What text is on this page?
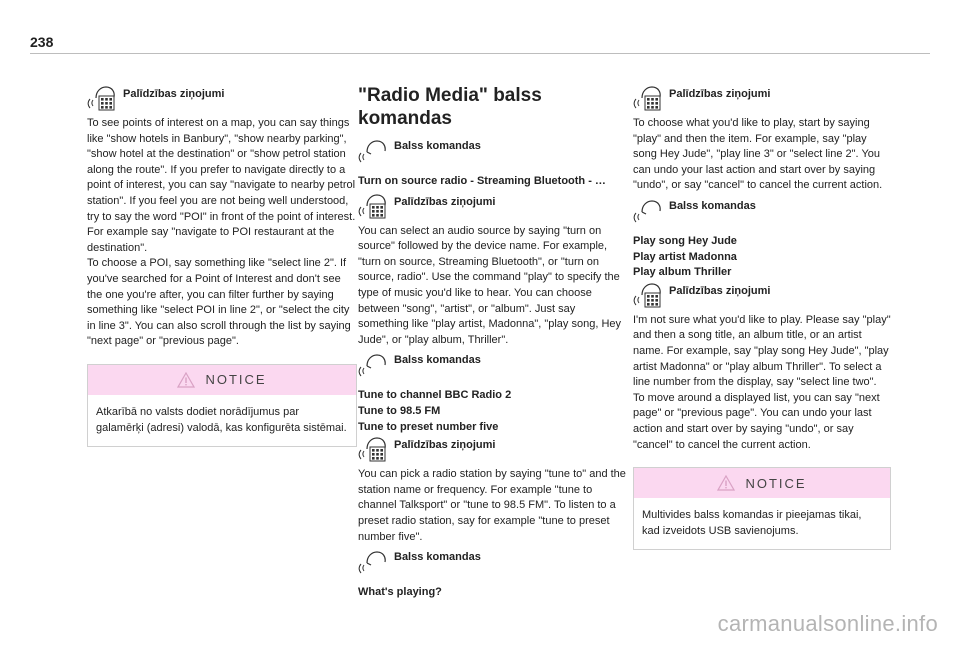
238
Palīdzības ziņojumi

To see points of interest on a map, you can say things like "show hotels in Banbury", "show nearby parking", "show hotel at the destination" or "show petrol station along the route". If you prefer to navigate directly to a point of interest, you can say "navigate to nearby petrol station". If you feel you are not being well understood, try to say the word "POI" in front of the point of interest. For example say "navigate to POI restaurant at the destination".

To choose a POI, say something like "select line 2". If you've searched for a Point of Interest and don't see the one you're after, you can filter further by saying something like "select POI in line 2", or "select the city in line 3". You can also scroll through the list by saying "next page" or "previous page".

NOTICE
Atkarībā no valsts dodiet norādījumus par galamērķi (adresi) valodā, kas konfigurēta sistēmai.
"Radio Media" balss komandas
Balss komandas

Turn on source radio - Streaming Bluetooth - …

Palīdzības ziņojumi

You can select an audio source by saying "turn on source" followed by the device name. For example, "turn on source, Streaming Bluetooth", or "turn on source, radio". Use the command "play" to specify the type of music you'd like to hear. You can choose between "song", "artist", or "album". Just say something like "play artist, Madonna", "play song, Hey Jude", or "play album, Thriller".

Balss komandas

Tune to channel BBC Radio 2

Tune to 98.5 FM

Tune to preset number five

Palīdzības ziņojumi

You can pick a radio station by saying "tune to" and the station name or frequency. For example "tune to channel Talksport" or "tune to 98.5 FM". To listen to a preset radio station, say for example "tune to preset number five".

Balss komandas

What's playing?

Palīdzības ziņojumi

To choose what you'd like to play, start by saying "play" and then the item. For example, say "play song Hey Jude", "play line 3" or "select line 2". You can undo your last action and start over by saying "undo", or say "cancel" to cancel the current action.

Balss komandas

Play song Hey Jude

Play artist Madonna

Play album Thriller

Palīdzības ziņojumi

I'm not sure what you'd like to play. Please say "play" and then a song title, an album title, or an artist name. For example, say "play song Hey Jude", "play artist Madonna" or "play album Thriller". To select a line number from the display, say "select line two". To move around a displayed list, you can say "next page" or "previous page". You can undo your last action and start over by saying "undo", or say "cancel" to cancel the current action.

NOTICE
Multivides balss komandas ir pieejamas tikai, kad izveidots USB savienojums.
carmanualsonline.info
